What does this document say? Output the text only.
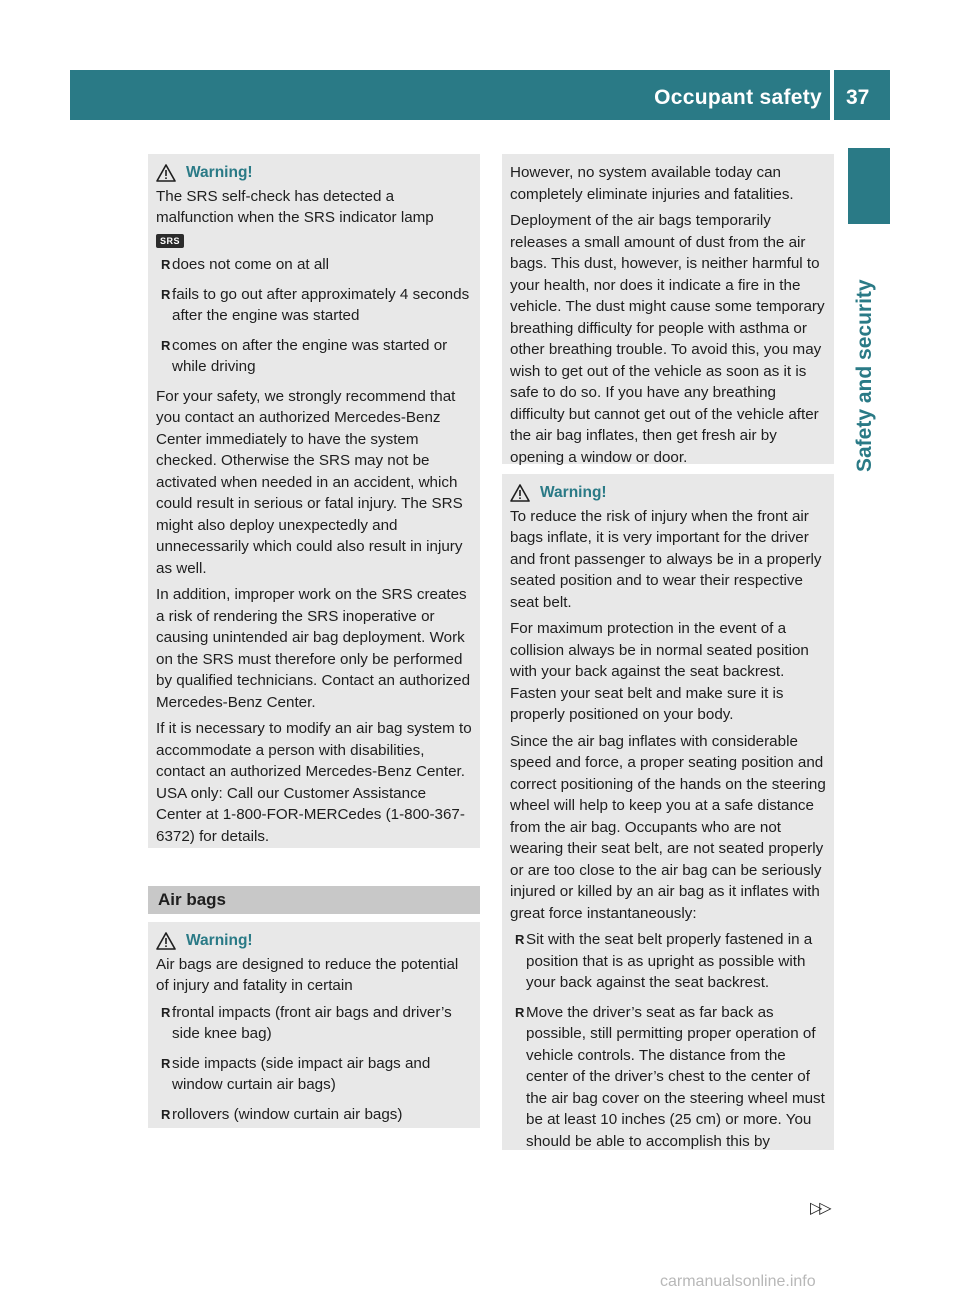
Occupant safety 37
Safety and security
Warning!

The SRS self-check has detected a malfunction when the SRS indicator lamp

SRS
R does not come on at all
R fails to go out after approximately 4 seconds after the engine was started
R comes on after the engine was started or while driving

For your safety, we strongly recommend that you contact an authorized Mercedes-Benz Center immediately to have the system checked. Otherwise the SRS may not be activated when needed in an accident, which could result in serious or fatal injury. The SRS might also deploy unexpectedly and unnecessarily which could also result in injury as well.

In addition, improper work on the SRS creates a risk of rendering the SRS inoperative or causing unintended air bag deployment. Work on the SRS must therefore only be performed by qualified technicians. Contact an authorized Mercedes-Benz Center.

If it is necessary to modify an air bag system to accommodate a person with disabilities, contact an authorized Mercedes-Benz Center. USA only: Call our Customer Assistance Center at 1-800-FOR-MERCedes (1-800-367-6372) for details.

Air bags
Warning!

Air bags are designed to reduce the potential of injury and fatality in certain

R frontal impacts (front air bags and driver’s side knee bag)
R side impacts (side impact air bags and window curtain air bags)
R rollovers (window curtain air bags)

However, no system available today can completely eliminate injuries and fatalities.

Deployment of the air bags temporarily releases a small amount of dust from the air bags. This dust, however, is neither harmful to your health, nor does it indicate a fire in the vehicle. The dust might cause some temporary breathing difficulty for people with asthma or other breathing trouble. To avoid this, you may wish to get out of the vehicle as soon as it is safe to do so. If you have any breathing difficulty but cannot get out of the vehicle after the air bag inflates, then get fresh air by opening a window or door.

Warning!

To reduce the risk of injury when the front air bags inflate, it is very important for the driver and front passenger to always be in a properly seated position and to wear their respective seat belt.

For maximum protection in the event of a collision always be in normal seated position with your back against the seat backrest. Fasten your seat belt and make sure it is properly positioned on your body.

Since the air bag inflates with considerable speed and force, a proper seating position and correct positioning of the hands on the steering wheel will help to keep you at a safe distance from the air bag. Occupants who are not wearing their seat belt, are not seated properly or are too close to the air bag can be seriously injured or killed by an air bag as it inflates with great force instantaneously:

R Sit with the seat belt properly fastened in a position that is as upright as possible with your back against the seat backrest.
R Move the driver’s seat as far back as possible, still permitting proper operation of vehicle controls. The distance from the center of the driver’s chest to the center of the air bag cover on the steering wheel must be at least 10 inches (25 cm) or more. You should be able to accomplish this by
▷▷
carmanualsonline.info
